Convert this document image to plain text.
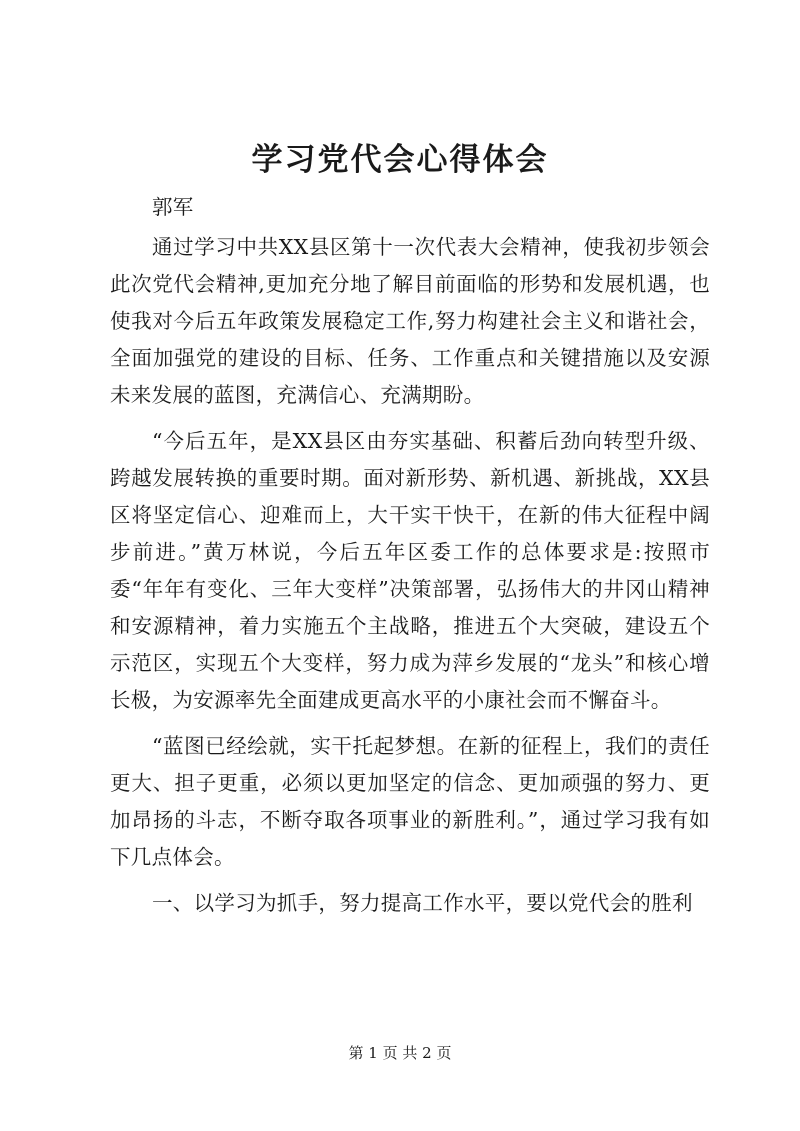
学习党代会心得体会

郭军

通过学习中共XX县区第十一次代表大会精神，使我初步领会此次党代会精神,更加充分地了解目前面临的形势和发展机遇，也使我对今后五年政策发展稳定工作,努力构建社会主义和谐社会，全面加强党的建设的目标、任务、工作重点和关键措施以及安源未来发展的蓝图，充满信心、充满期盼。

“今后五年，是XX县区由夯实基础、积蓄后劲向转型升级、跨越发展转换的重要时期。面对新形势、新机遇、新挑战，XX县区将坚定信心、迎难而上，大干实干快干，在新的伟大征程中阔步前进。”黄万林说，今后五年区委工作的总体要求是:按照市委“年年有变化、三年大变样”决策部署，弘扬伟大的井冈山精神和安源精神，着力实施五个主战略，推进五个大突破，建设五个示范区，实现五个大变样，努力成为萍乡发展的“龙头”和核心增长极，为安源率先全面建成更高水平的小康社会而不懈奋斗。

“蓝图已经绘就，实干托起梦想。在新的征程上，我们的责任更大、担子更重，必须以更加坚定的信念、更加顽强的努力、更加昂扬的斗志，不断夺取各项事业的新胜利。”，通过学习我有如下几点体会。

一、以学习为抓手，努力提高工作水平，要以党代会的胜利

第 1 页 共 2 页
